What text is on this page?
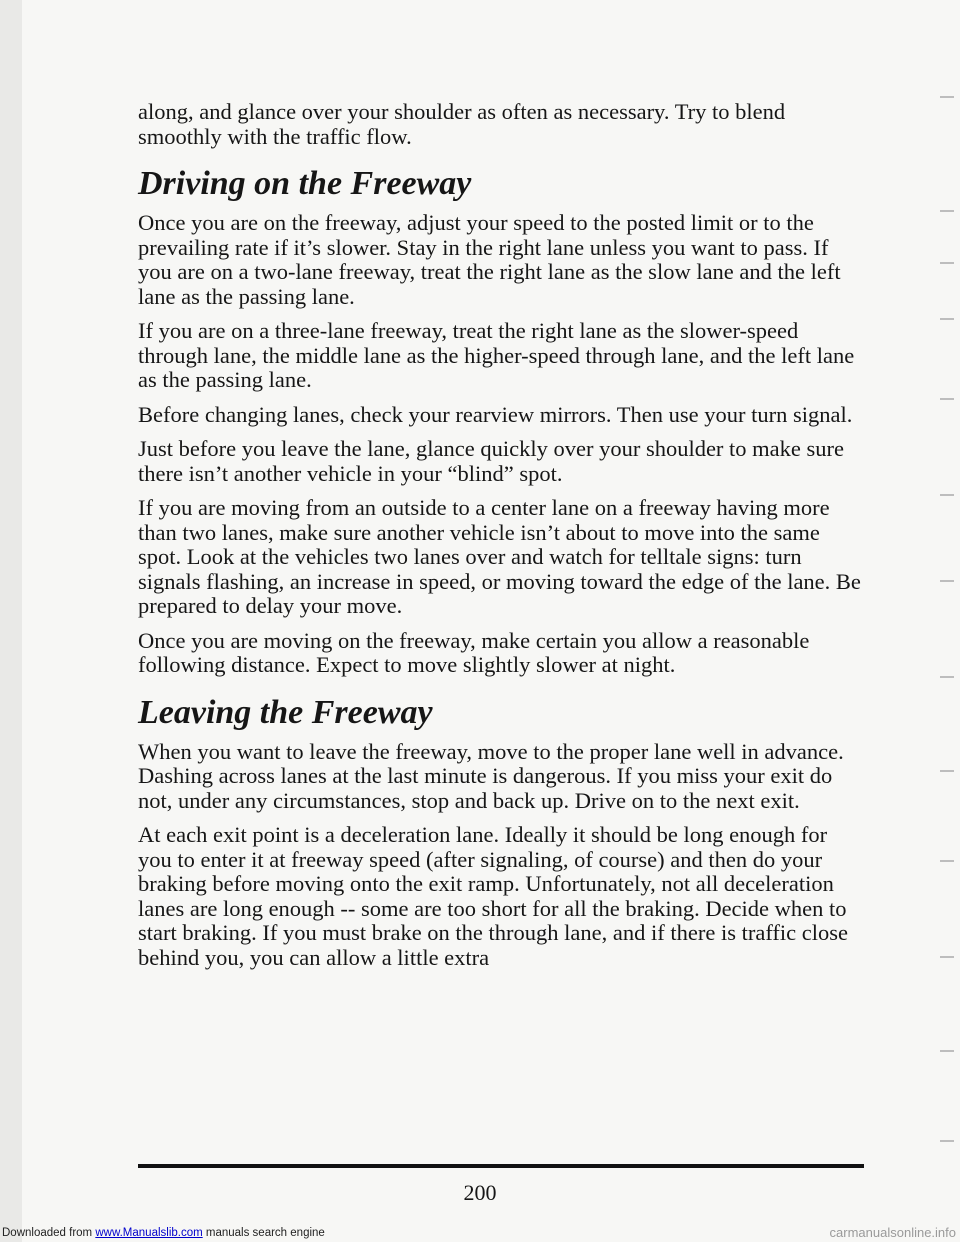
along, and glance over your shoulder as often as necessary. Try to blend smoothly with the traffic flow.

Driving on the Freeway

Once you are on the freeway, adjust your speed to the posted limit or to the prevailing rate if it’s slower. Stay in the right lane unless you want to pass. If you are on a two-lane freeway, treat the right lane as the slow lane and the left lane as the passing lane.

If you are on a three-lane freeway, treat the right lane as the slower-speed through lane, the middle lane as the higher-speed through lane, and the left lane as the passing lane.

Before changing lanes, check your rearview mirrors. Then use your turn signal.

Just before you leave the lane, glance quickly over your shoulder to make sure there isn’t another vehicle in your “blind” spot.

If you are moving from an outside to a center lane on a freeway having more than two lanes, make sure another vehicle isn’t about to move into the same spot. Look at the vehicles two lanes over and watch for telltale signs: turn signals flashing, an increase in speed, or moving toward the edge of the lane. Be prepared to delay your move.

Once you are moving on the freeway, make certain you allow a reasonable following distance. Expect to move slightly slower at night.

Leaving the Freeway

When you want to leave the freeway, move to the proper lane well in advance. Dashing across lanes at the last minute is dangerous. If you miss your exit do not, under any circumstances, stop and back up. Drive on to the next exit.

At each exit point is a deceleration lane. Ideally it should be long enough for you to enter it at freeway speed (after signaling, of course) and then do your braking before moving onto the exit ramp. Unfortunately, not all deceleration lanes are long enough -- some are too short for all the braking. Decide when to start braking. If you must brake on the through lane, and if there is traffic close behind you, you can allow a little extra

200
Downloaded from www.Manualslib.com manuals search engine	carmanualsonline.info
